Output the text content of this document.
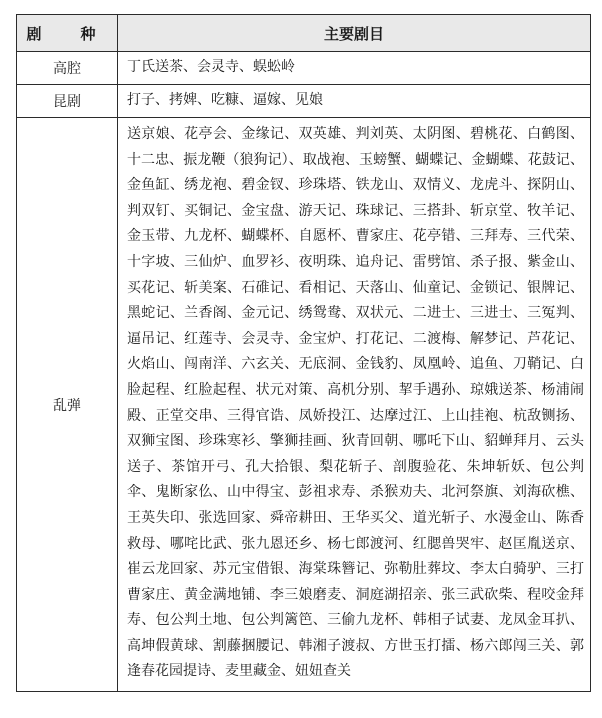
剧　种	主要剧目
高腔	丁氏送茶、会灵寺、蜈蚣岭
昆剧	打子、拷婢、吃糠、逼嫁、见娘
乱弹	送京娘、花亭会、金缘记、双英雄、判刘英、太阴图、碧桃花、白鹤图、十二忠、振龙鞭（狼狗记）、取战袍、玉螃蟹、蝴蝶记、金蝴蝶、花鼓记、金鱼缸、绣龙袍、碧金钗、珍珠塔、铁龙山、双情义、龙虎斗、探阴山、判双钉、买铜记、金宝盘、游天记、珠球记、三搭卦、斩京堂、牧羊记、金玉带、九龙杯、蝴蝶杯、自愿杯、曹家庄、花亭错、三拜寿、三代荣、十字坡、三仙炉、血罗衫、夜明珠、追舟记、雷劈馆、杀子报、紫金山、买花记、斩美案、石碓记、看相记、天落山、仙童记、金锁记、银牌记、黑蛇记、兰香阁、金元记、绣鸳鸯、双状元、二进士、三进士、三冤判、逼吊记、红莲寺、会灵寺、金宝炉、打花记、二渡梅、解梦记、芦花记、火焰山、闯南洋、六玄关、无底洞、金钱豹、凤凰岭、追鱼、刀鞘记、白脸起程、红脸起程、状元对策、高机分别、挈手遇孙、琼娥送茶、杨浦闹殿、正堂交串、三得官诰、凤娇投江、达摩过江、上山挂袍、杭敌铡扬、双狮宝图、珍珠寒衫、擎狮挂画、狄青回朝、哪吒下山、貂蝉拜月、云头送子、茶馆开弓、孔大拾银、梨花斩子、剖腹验花、朱坤斩妖、包公判伞、鬼断家仫、山中得宝、彭祖求寿、杀猴劝夫、北河祭旗、刘海砍樵、王英失印、张选回家、舜帝耕田、王华买父、道光斩子、水漫金山、陈香救母、哪咤比武、张九恩还乡、杨七郎渡河、红腮兽哭牢、赵匡胤送京、崔云龙回家、苏元宝借银、海棠珠簪记、弥勒肚葬坟、李太白骑驴、三打曹家庄、黄金满地铺、李三娘磨麦、洞庭湖招亲、张三武砍柴、程咬金拜寿、包公判土地、包公判篱笆、三偷九龙杯、韩相子试妻、龙凤金耳扒、高坤假黄球、割藤捆腰记、韩湘子渡叔、方世玉打擂、杨六郎闯三关、郭逢春花园提诗、麦里藏金、妞妞查关
